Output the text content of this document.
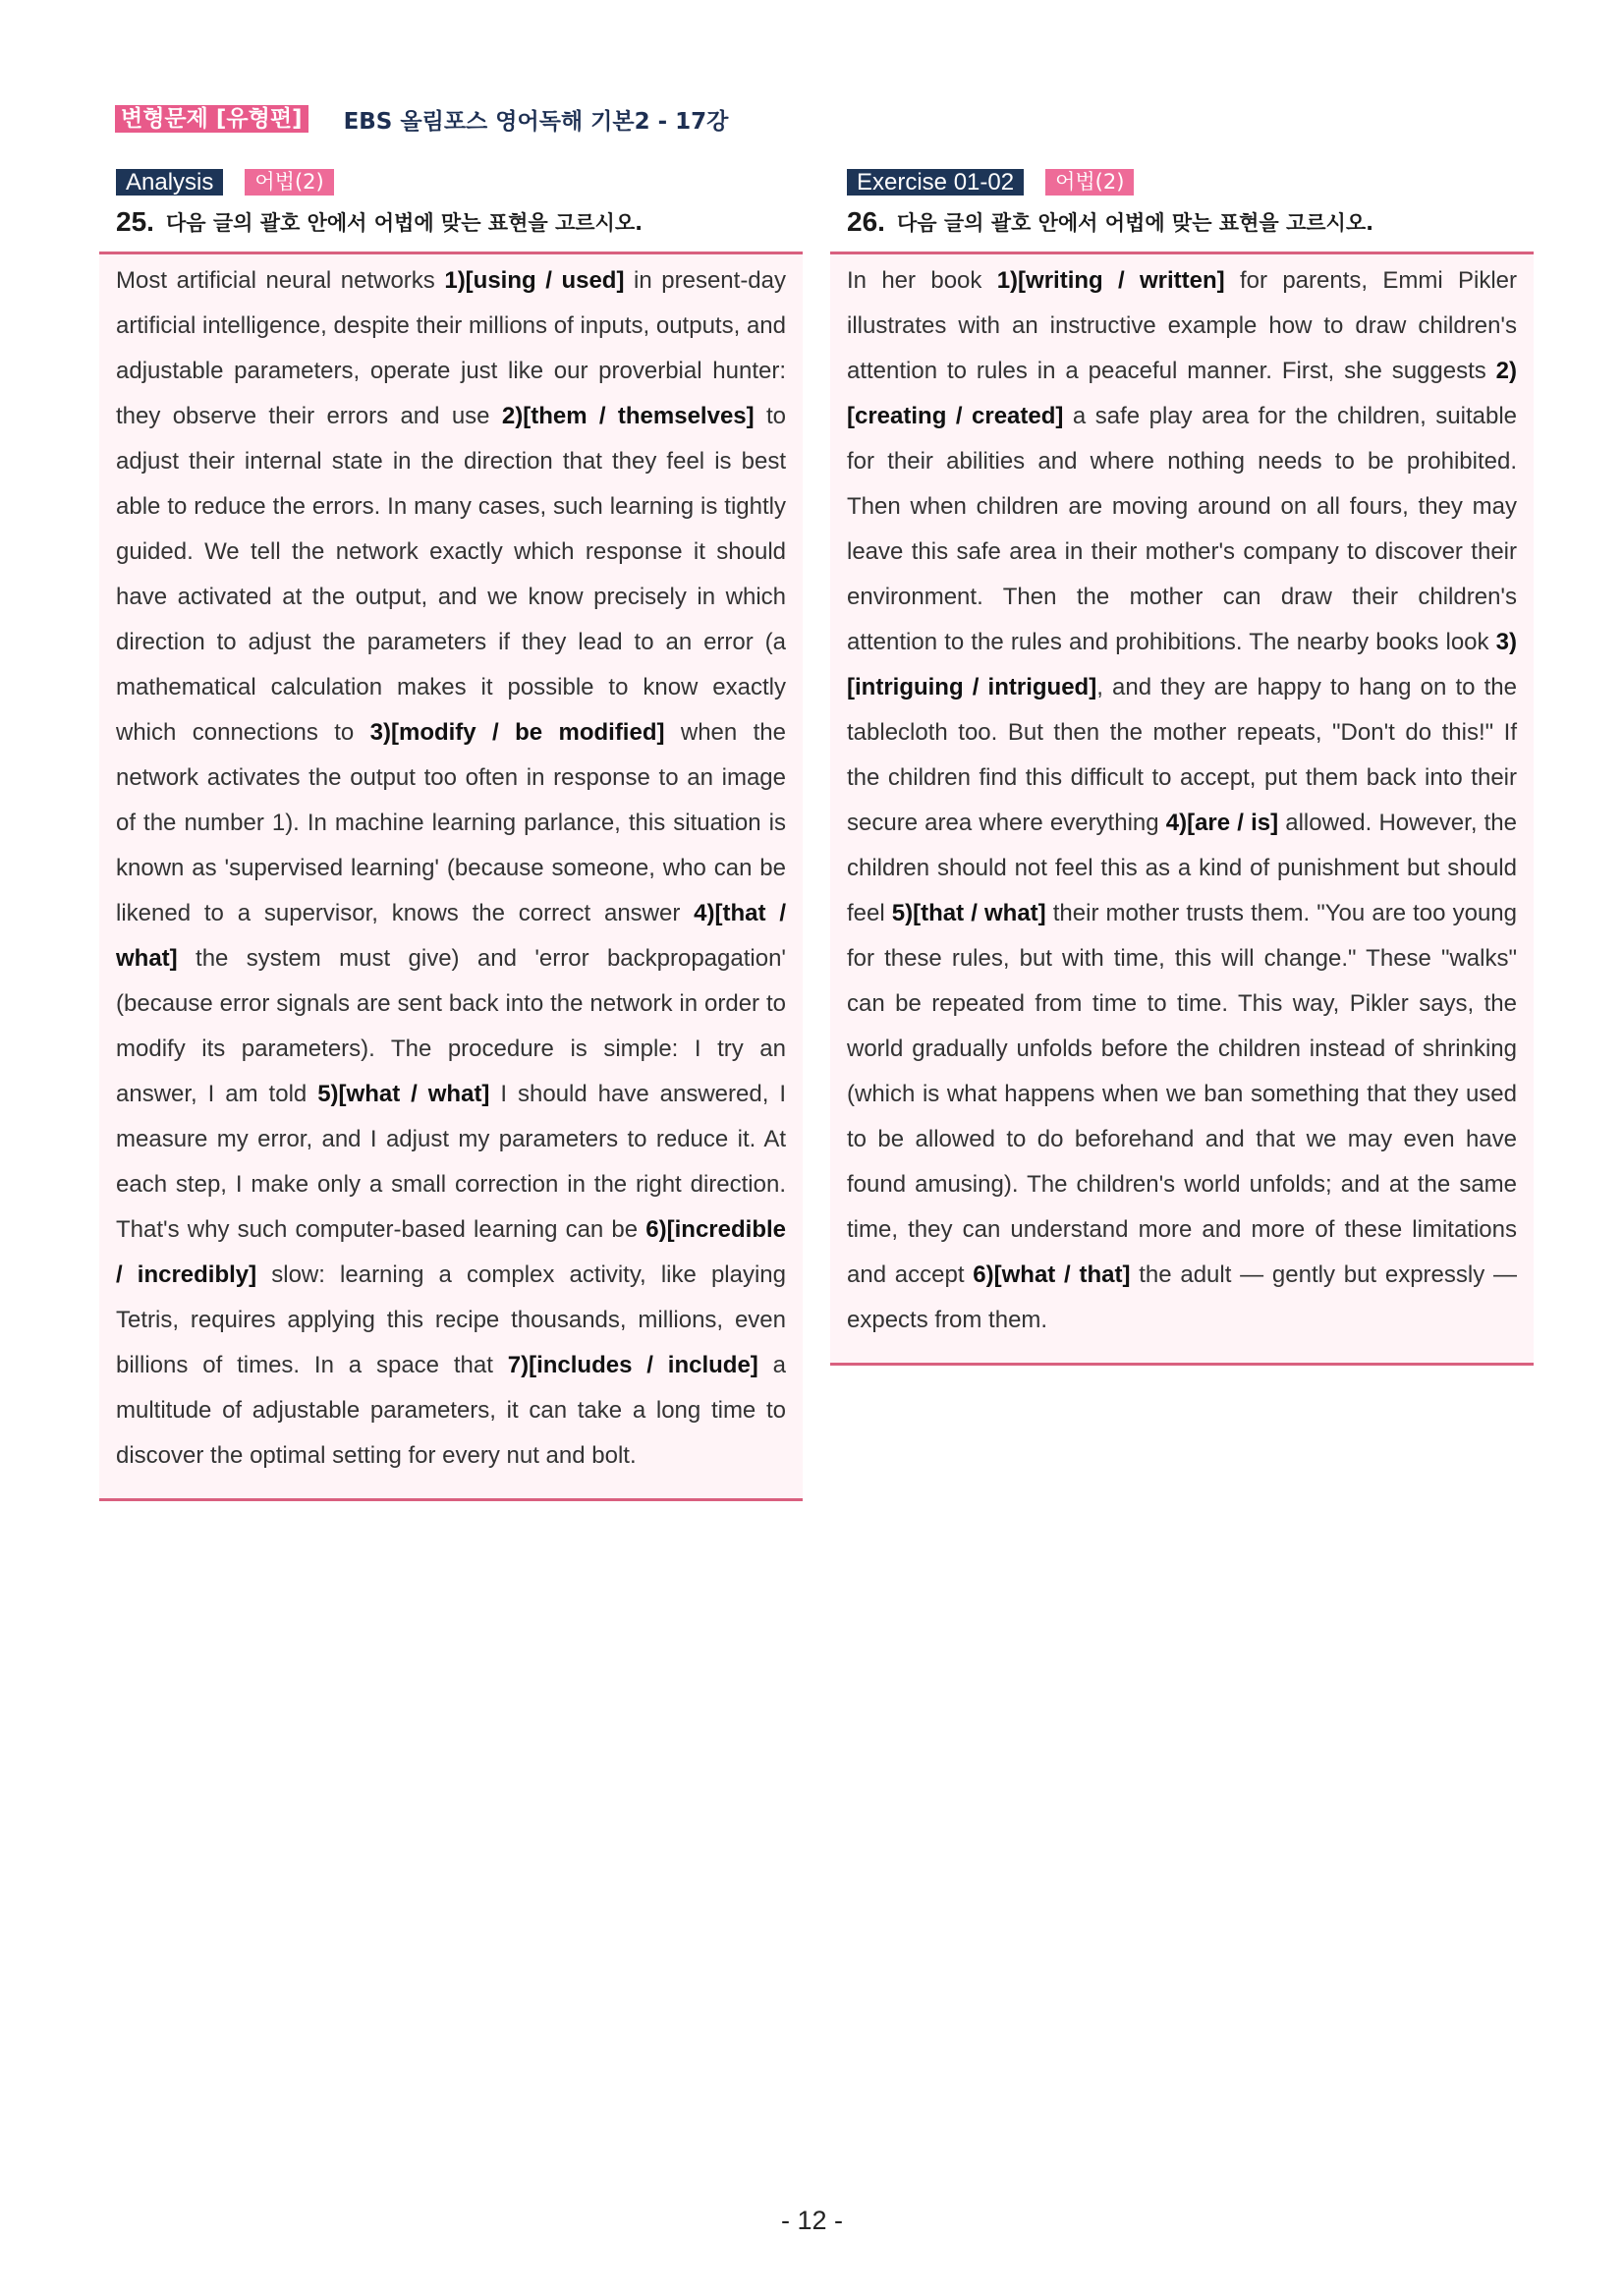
변형문제 [유형편] EBS 올림포스 영어독해 기본2 - 17강
Analysis	어법(2)
25. 다음 글의 괄호 안에서 어법에 맞는 표현을 고르시오.
Most artificial neural networks 1)[using / used] in present-day artificial intelligence, despite their millions of inputs, outputs, and adjustable parameters, operate just like our proverbial hunter: they observe their errors and use 2)[them / themselves] to adjust their internal state in the direction that they feel is best able to reduce the errors. In many cases, such learning is tightly guided. We tell the network exactly which response it should have activated at the output, and we know precisely in which direction to adjust the parameters if they lead to an error (a mathematical calculation makes it possible to know exactly which connections to 3)[modify / be modified] when the network activates the output too often in response to an image of the number 1). In machine learning parlance, this situation is known as 'supervised learning' (because someone, who can be likened to a supervisor, knows the correct answer 4)[that / what] the system must give) and 'error backpropagation' (because error signals are sent back into the network in order to modify its parameters). The procedure is simple: I try an answer, I am told 5)[what / what] I should have answered, I measure my error, and I adjust my parameters to reduce it. At each step, I make only a small correction in the right direction. That's why such computer-based learning can be 6)[incredible / incredibly] slow: learning a complex activity, like playing Tetris, requires applying this recipe thousands, millions, even billions of times. In a space that 7)[includes / include] a multitude of adjustable parameters, it can take a long time to discover the optimal setting for every nut and bolt.
Exercise 01-02	어법(2)
26. 다음 글의 괄호 안에서 어법에 맞는 표현을 고르시오.
In her book 1)[writing / written] for parents, Emmi Pikler illustrates with an instructive example how to draw children's attention to rules in a peaceful manner. First, she suggests 2)[creating / created] a safe play area for the children, suitable for their abilities and where nothing needs to be prohibited. Then when children are moving around on all fours, they may leave this safe area in their mother's company to discover their environment. Then the mother can draw their children's attention to the rules and prohibitions. The nearby books look 3)[intriguing / intrigued], and they are happy to hang on to the tablecloth too. But then the mother repeats, "Don't do this!" If the children find this difficult to accept, put them back into their secure area where everything 4)[are / is] allowed. However, the children should not feel this as a kind of punishment but should feel 5)[that / what] their mother trusts them. "You are too young for these rules, but with time, this will change." These "walks" can be repeated from time to time. This way, Pikler says, the world gradually unfolds before the children instead of shrinking (which is what happens when we ban something that they used to be allowed to do beforehand and that we may even have found amusing). The children's world unfolds; and at the same time, they can understand more and more of these limitations and accept 6)[what / that] the adult — gently but expressly — expects from them.
- 12 -
